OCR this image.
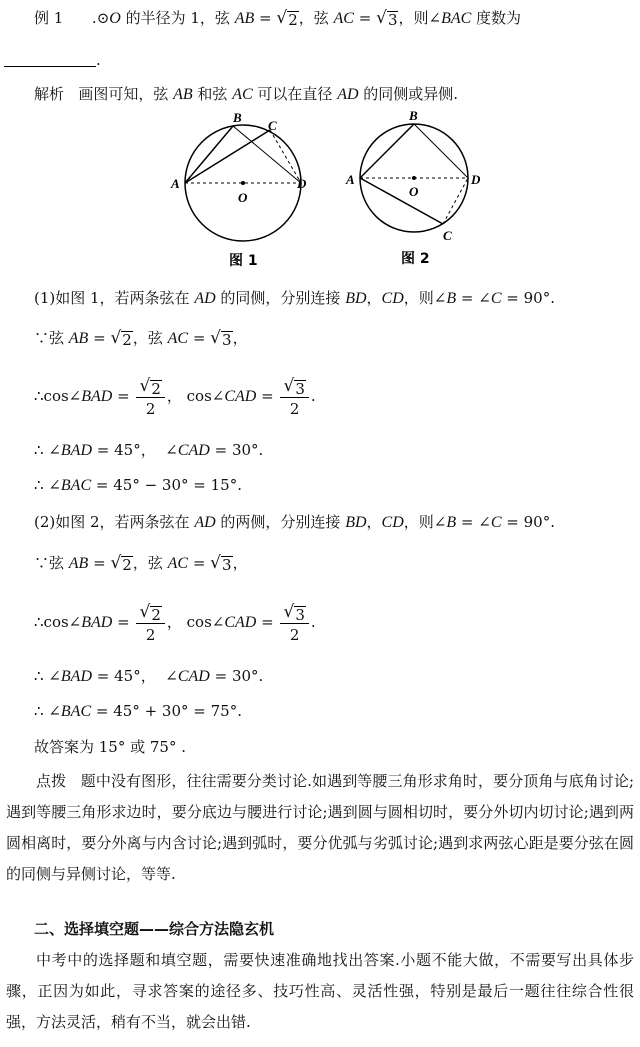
例 1 .⊙O 的半径为 1，弦 AB = √ 2 ，弦 AC = √ 3 ，则∠BAC 度数为
.
解析 画图可知，弦 AB 和弦 AC 可以在直径 AD 的同侧或异侧.
A
B
C
D
O
A
B
C
D
O
图 1	图 2
(1)如图 1，若两条弦在 AD 的同侧，分别连接 BD，CD，则∠B = ∠C = 90°.
∵弦 AB = √ 2 ，弦 AC = √ 3 ，
∴cos∠BAD = $\frac{√ 2}{2}$ ， cos∠CAD = $\frac{√ 3}{2}$ .
∴ ∠BAD = 45°， ∠CAD = 30°.
∴ ∠BAC = 45° − 30° = 15°.
(2)如图 2，若两条弦在 AD 的两侧，分别连接 BD，CD，则∠B = ∠C = 90°.
∵弦 AB = √ 2 ，弦 AC = √ 3 ，
∴cos∠BAD = $\frac{√ 2}{2}$ ， cos∠CAD = $\frac{√ 3}{2}$ .
∴ ∠BAD = 45°， ∠CAD = 30°.
∴ ∠BAC = 45° + 30° = 75°.
故答案为 15° 或 75° .
点拨 题中没有图形，往往需要分类讨论.如遇到等腰三角形求角时，要分顶角与底角讨论;遇到等腰三角形求边时，要分底边与腰进行讨论;遇到圆与圆相切时，要分外切内切讨论;遇到两圆相离时，要分外离与内含讨论;遇到弧时，要分优弧与劣弧讨论;遇到求两弦心距是要分弦在圆的同侧与异侧讨论，等等.
二、选择填空题——综合方法隐玄机
中考中的选择题和填空题，需要快速准确地找出答案.小题不能大做，不需要写出具体步骤，正因为如此，寻求答案的途径多、技巧性高、灵活性强，特别是最后一题往往综合性很强，方法灵活，稍有不当，就会出错.
